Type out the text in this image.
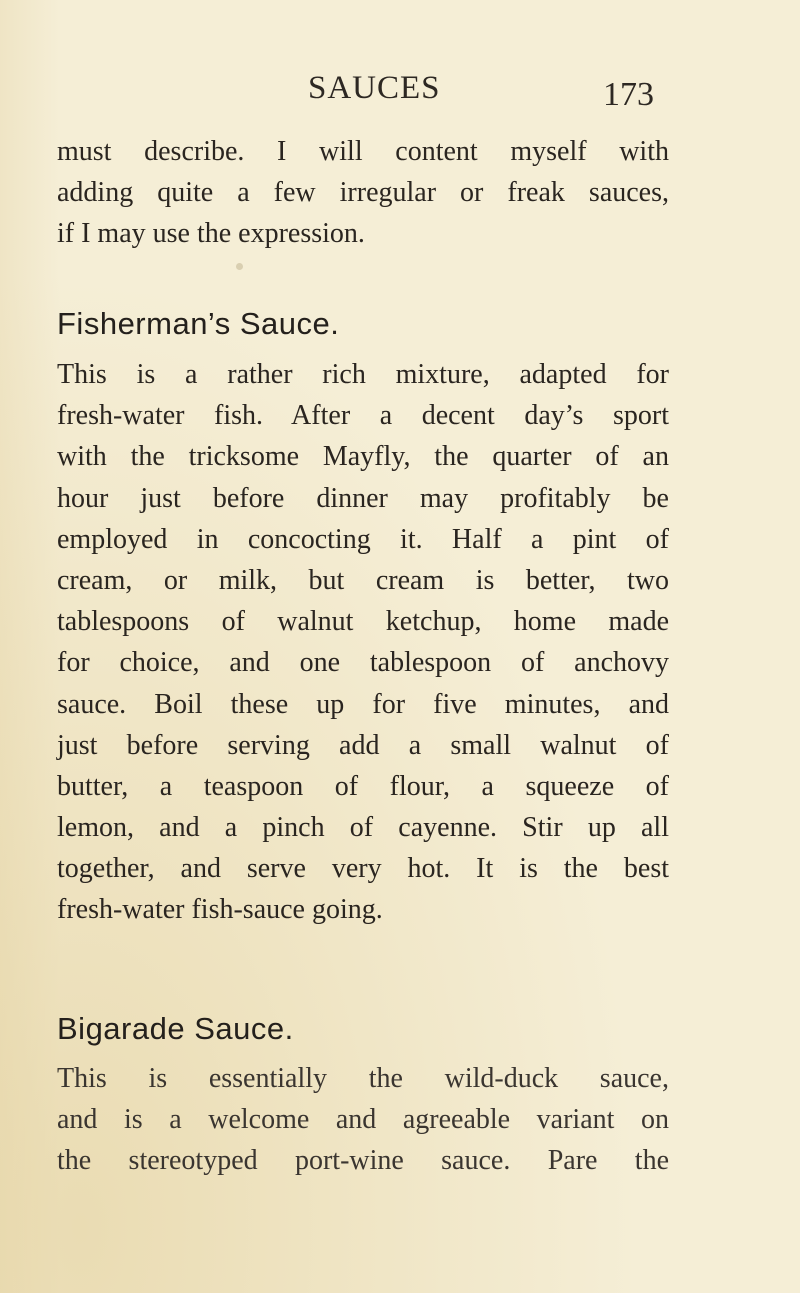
SAUCES	173
must describe. I will content myself with
adding quite a few irregular or freak sauces,
if I may use the expression.
Fisherman’s Sauce.
This is a rather rich mixture, adapted for
fresh-water fish. After a decent day’s sport
with the tricksome Mayfly, the quarter of an
hour just before dinner may profitably be
employed in concocting it. Half a pint of
cream, or milk, but cream is better, two
tablespoons of walnut ketchup, home made
for choice, and one tablespoon of anchovy
sauce. Boil these up for five minutes, and
just before serving add a small walnut of
butter, a teaspoon of flour, a squeeze of
lemon, and a pinch of cayenne. Stir up all
together, and serve very hot. It is the best
fresh-water fish-sauce going.
Bigarade Sauce.
This is essentially the wild-duck sauce,
and is a welcome and agreeable variant on
the stereotyped port-wine sauce. Pare the
